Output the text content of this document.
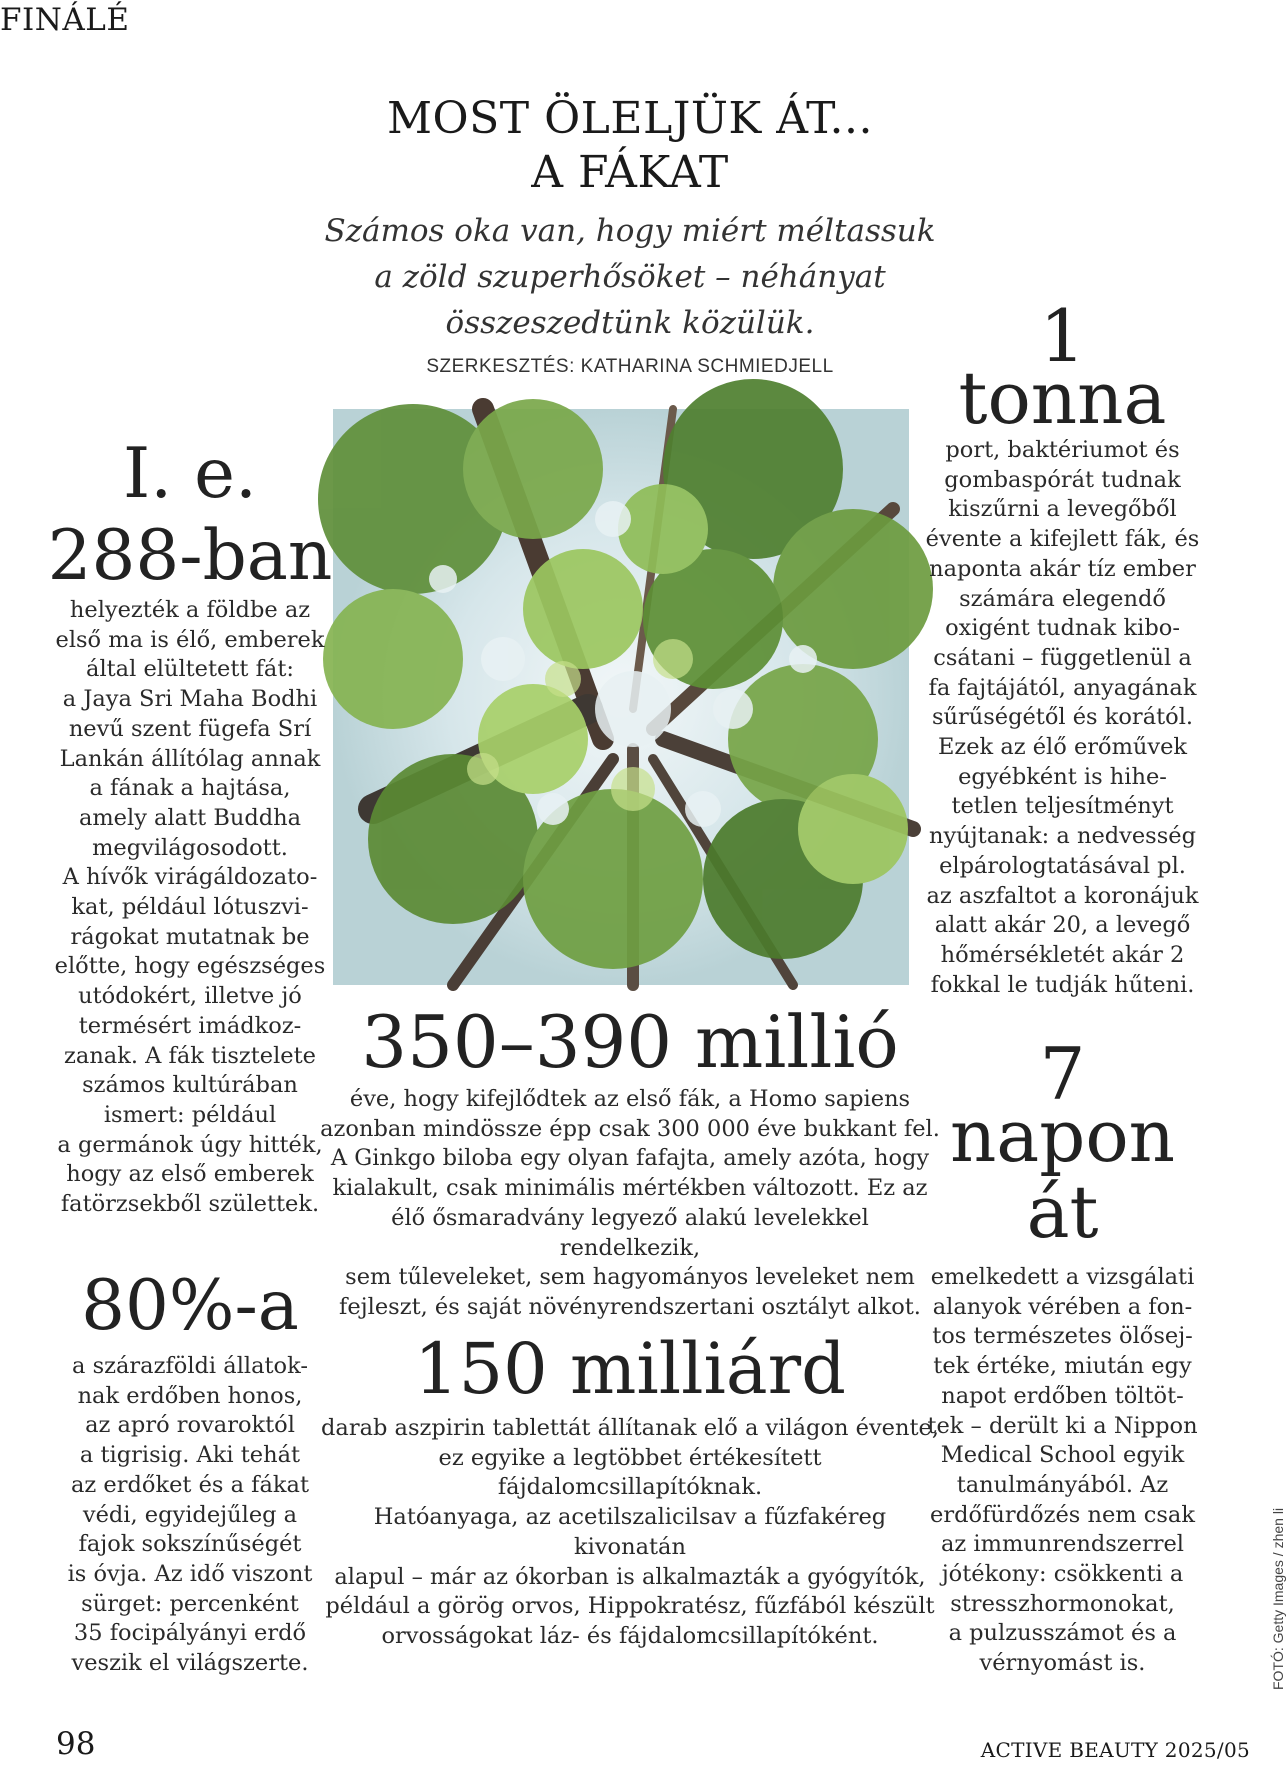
FINÁLÉ
MOST ÖLELJÜK ÁT...
A FÁKAT
Számos oka van, hogy miért méltassuk
a zöld szuperhősöket – néhányat
összeszedtünk közülük.
SZERKESZTÉS: KATHARINA SCHMIEDJELL
I. e.
288-ban
helyezték a földbe az
első ma is élő, emberek
által elültetett fát:
a Jaya Sri Maha Bodhi
nevű szent fügefa Srí
Lankán állítólag annak
a fának a hajtása,
amely alatt Buddha
megvilágosodott.
A hívők virágáldozato-
kat, például lótuszvi-
rágokat mutatnak be
előtte, hogy egészséges
utódokért, illetve jó
termésért imádkoz-
zanak. A fák tisztelete
számos kultúrában
ismert: például
a germánok úgy hitték,
hogy az első emberek
fatörzsekből születtek.
80%-a
a szárazföldi állatok-
nak erdőben honos,
az apró rovaroktól
a tigrisig. Aki tehát
az erdőket és a fákat
védi, egyidejűleg a
fajok sokszínűségét
is óvja. Az idő viszont
sürget: percenként
35 focipályányi erdő
veszik el világszerte.
350–390 millió
éve, hogy kifejlődtek az első fák, a Homo sapiens
azonban mindössze épp csak 300 000 éve bukkant fel.
A Ginkgo biloba egy olyan fafajta, amely azóta, hogy
kialakult, csak minimális mértékben változott. Ez az
élő ősmaradvány legyező alakú levelekkel rendelkezik,
sem tűleveleket, sem hagyományos leveleket nem
fejleszt, és saját növényrendszertani osztályt alkot.
150 milliárd
darab aszpirin tablettát állítanak elő a világon évente,
ez egyike a legtöbbet értékesített fájdalomcsillapítóknak.
Hatóanyaga, az acetilszalicilsav a fűzfakéreg kivonatán
alapul – már az ókorban is alkalmazták a gyógyítók,
például a görög orvos, Hippokratész, fűzfából készült
orvosságokat láz- és fájdalomcsillapítóként.
1
tonna
port, baktériumot és
gombaspórát tudnak
kiszűrni a levegőből
évente a kifejlett fák, és
naponta akár tíz ember
számára elegendő
oxigént tudnak kibo-
csátani – függetlenül a
fa fajtájától, anyagának
sűrűségétől és korától.
Ezek az élő erőművek
egyébként is hihe-
tetlen teljesítményt
nyújtanak: a nedvesség
elpárologtatásával pl.
az aszfaltot a koronájuk
alatt akár 20, a levegő
hőmérsékletét akár 2
fokkal le tudják hűteni.
7
napon
át
emelkedett a vizsgálati
alanyok vérében a fon-
tos természetes ölősej-
tek értéke, miután egy
napot erdőben töltöt-
tek – derült ki a Nippon
Medical School egyik
tanulmányából. Az
erdőfürdőzés nem csak
az immunrendszerrel
jótékony: csökkenti a
stresszhormonokat,
a pulzusszámot és a
vérnyomást is.	FOTÓ: Getty Images / zhen li
98	ACTIVE BEAUTY 2025/05
